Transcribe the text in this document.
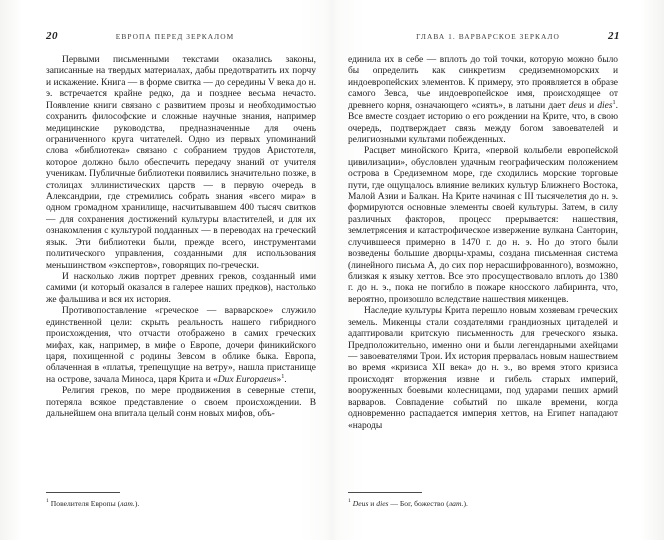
20	ЕВРОПА ПЕРЕД ЗЕРКАЛОМ

Первыми письменными текстами оказались законы, записанные на твердых материалах, дабы предотвратить их порчу и искажение. Книга — в форме свитка — до середины V века до н. э. встречается крайне редко, да и позднее весьма нечасто. Появление книги связано с развитием прозы и необходимостью сохранить философские и сложные научные знания, например медицинские руководства, предназначенные для очень ограниченного круга читателей. Одно из первых упоминаний слова «библиотека» связано с собранием трудов Аристотеля, которое должно было обеспечить передачу знаний от учителя ученикам. Публичные библиотеки появились значительно позже, в столицах эллинистических царств — в первую очередь в Александрии, где стремились собрать знания «всего мира» в одном громадном хранилище, насчитывавшем 400 тысяч свитков — для сохранения достижений культуры властителей, и для их ознакомления с культурой подданных — в переводах на греческий язык. Эти библиотеки были, прежде всего, инструментами политического управления, созданными для использования меньшинством «экспертов», говорящих по-гречески.

И насколько лжив портрет древних греков, созданный ими самими (и который оказался в галерее наших предков), настолько же фальшива и вся их история.

Противопоставление «греческое — варварское» служило единственной цели: скрыть реальность нашего гибридного происхождения, что отчасти отображено в самих греческих мифах, как, например, в мифе о Европе, дочери финикийского царя, похищенной с родины Зевсом в облике быка. Европа, облаченная в «платья, трепещущие на ветру», нашла пристанище на острове, зачала Миноса, царя Крита и «Dux Europaeus»$^1$.

Религия греков, по мере продвижения в северные степи, потеряла всякое представление о своем происхождении. В дальнейшем она впитала целый сонм новых мифов, объ-

$^1$ Повелителя Европы (лат.).
ГЛАВА 1. ВАРВАРСКОЕ ЗЕРКАЛО	21

единила их в себе — вплоть до той точки, которую можно было бы определить как синкретизм средиземноморских и индоевропейских элементов. К примеру, это проявляется в образе самого Зевса, чье индоевропейское имя, происходящее от древнего корня, означающего «сиять», в латыни дает deus и dies$^1$. Все вместе создает историю о его рождении на Крите, что, в свою очередь, подтверждает связь между богом завоевателей и религиозными культами побежденных.

Расцвет минойского Крита, «первой колыбели европейской цивилизации», обусловлен удачным географическим положением острова в Средиземном море, где сходились морские торговые пути, где ощущалось влияние великих культур Ближнего Востока, Малой Азии и Балкан. На Крите начиная с III тысячелетия до н. э. формируются основные элементы своей культуры. Затем, в силу различных факторов, процесс прерывается: нашествия, землетрясения и катастрофическое извержение вулкана Санторин, случившееся примерно в 1470 г. до н. э. Но до этого были возведены большие дворцы-храмы, создана письменная система (линейного письма А, до сих пор нерасшифрованного), возможно, близкая к языку хеттов. Все это просуществовало вплоть до 1380 г. до н. э., пока не погибло в пожаре кносского лабиринта, что, вероятно, произошло вследствие нашествия микенцев.

Наследие культуры Крита перешло новым хозяевам греческих земель. Микенцы стали создателями грандиозных цитаделей и адаптировали критскую письменность для греческого языка. Предположительно, именно они и были легендарными ахейцами — завоевателями Трои. Их история прервалась новым нашествием во время «кризиса XII века» до н. э., во время этого кризиса происходят вторжения извне и гибель старых империй, вооруженных боевыми колесницами, под ударами пеших армий варваров. Совпадение событий по шкале времени, когда одновременно распадается империя хеттов, на Египет нападают «народы

$^1$ Deus и dies — Бог, божество (лат.).
